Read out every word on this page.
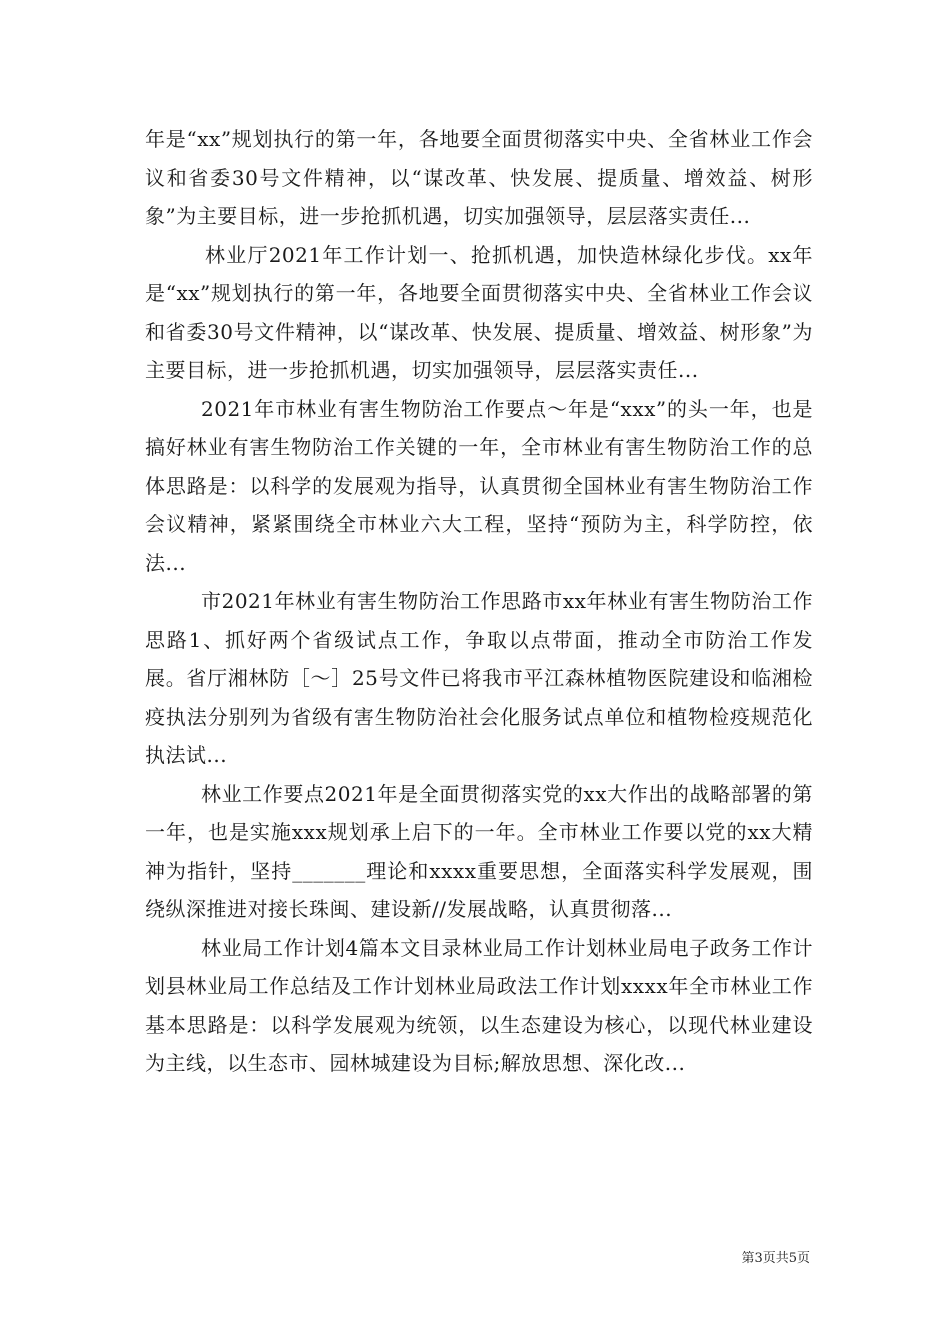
年是“xx”规划执行的第一年，各地要全面贯彻落实中央、全省林业工作会议和省委30号文件精神，以“谋改革、快发展、提质量、增效益、树形象”为主要目标，进一步抢抓机遇，切实加强领导，层层落实责任...

林业厅2021年工作计划一、抢抓机遇，加快造林绿化步伐。xx年是“xx”规划执行的第一年，各地要全面贯彻落实中央、全省林业工作会议和省委30号文件精神，以“谋改革、快发展、提质量、增效益、树形象”为主要目标，进一步抢抓机遇，切实加强领导，层层落实责任...

2021年市林业有害生物防治工作要点～年是“xxx”的头一年，也是搞好林业有害生物防治工作关键的一年，全市林业有害生物防治工作的总体思路是：以科学的发展观为指导，认真贯彻全国林业有害生物防治工作会议精神，紧紧围绕全市林业六大工程，坚持“预防为主，科学防控，依法...

市2021年林业有害生物防治工作思路市xx年林业有害生物防治工作思路1、抓好两个省级试点工作，争取以点带面，推动全市防治工作发展。省厅湘林防［～］25号文件已将我市平江森林植物医院建设和临湘检疫执法分别列为省级有害生物防治社会化服务试点单位和植物检疫规范化执法试...

林业工作要点2021年是全面贯彻落实党的xx大作出的战略部署的第一年，也是实施xxx规划承上启下的一年。全市林业工作要以党的xx大精神为指针，坚持_______理论和xxxx重要思想，全面落实科学发展观，围绕纵深推进对接长珠闽、建设新//发展战略，认真贯彻落...

林业局工作计划4篇本文目录林业局工作计划林业局电子政务工作计划县林业局工作总结及工作计划林业局政法工作计划xxxx年全市林业工作基本思路是：以科学发展观为统领，以生态建设为核心，以现代林业建设为主线，以生态市、园林城建设为目标;解放思想、深化改...

第3页共5页
